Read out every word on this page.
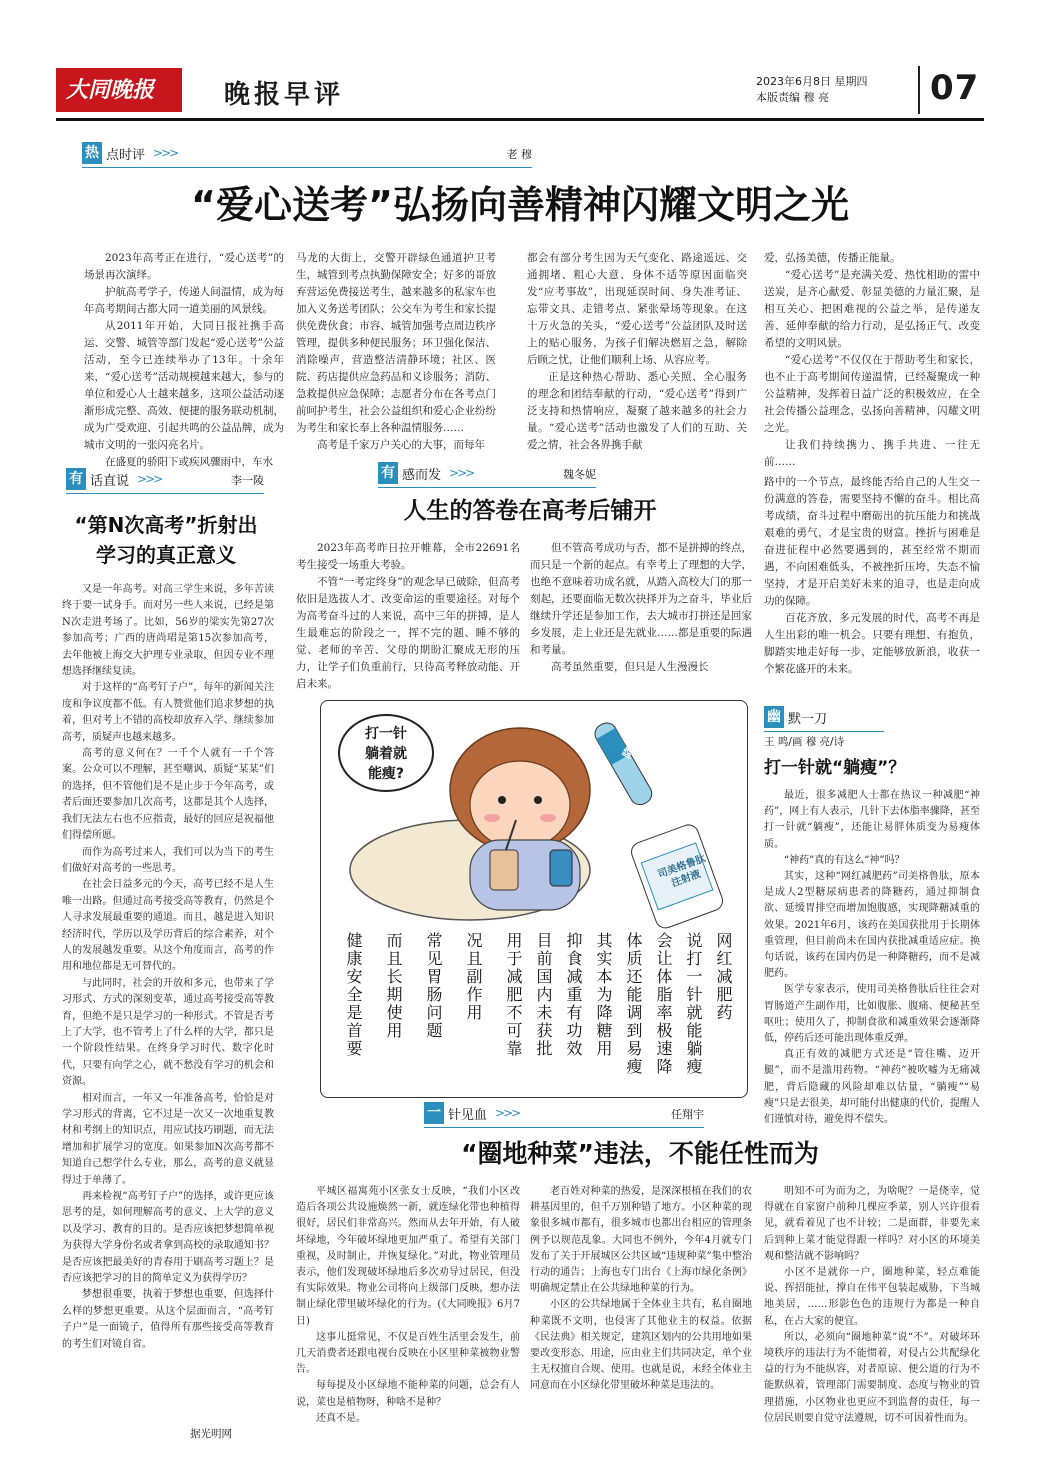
大同晚报	晚报早评	2023年6月8日 星期四
本版责编 穆 亮	07
热 点时评 >>>	老 穆
“爱心送考”弘扬向善精神闪耀文明之光

2023年高考正在进行，“爱心送考”的场景再次演绎。

护航高考学子，传递人间温情，成为每年高考期间古都大同一道美丽的风景线。

从2011年开始，大同日报社携手高运、交警、城管等部门发起“爱心送考”公益活动，至今已连续举办了13年。十余年来，“爱心送考”活动规模越来越大，参与的单位和爱心人士越来越多，这项公益活动逐渐形成完整、高效、便捷的服务联动机制，成为广受欢迎、引起共鸣的公益品牌，成为城市文明的一张闪亮名片。

在盛夏的骄阳下或疾风骤雨中，车水

马龙的大街上，交警开辟绿色通道护卫考生，城管到考点执勤保障安全；好多的哥放弃营运免费接送考生，越来越多的私家车也加入义务送考团队；公交车为考生和家长提供免费伙食；市容、城管加强考点周边秩序管理，提供多种便民服务；环卫强化保洁、消除噪声，营造整洁清静环境；社区、医院、药店提供应急药品和义诊服务；消防、急救提供应急保障；志愿者分布在各考点门前呵护考生，社会公益组织和爱心企业纷纷为考生和家长奉上各种温情服务……

高考是千家万户关心的大事，而每年

都会有部分考生因为天气变化、路途遥远、交通拥堵、粗心大意、身体不适等原因面临突发“应考事故”，出现延误时间、身失准考证、忘带文具、走错考点、紧张晕场等现象。在这十万火急的关头，“爱心送考”公益团队及时送上的贴心服务，为孩子们解决燃眉之急，解除后顾之忧，让他们顺利上场、从容应考。

正是这种热心帮助、悉心关照、全心服务的理念和团结奉献的行动，“爱心送考”得到广泛支持和热情响应，凝聚了越来越多的社会力量。“爱心送考”活动也激发了人们的互助、关爱之情，社会各界携手献

爱，弘扬美德，传播正能量。

“爱心送考”是充满关爱、热忱相助的雷中送炭，是齐心献爱、彰显美德的力量汇聚，是相互关心、把困难视的公益之举，是传递友善、延伸奉献的给力行动，是弘扬正气、改变希望的文明风景。

“爱心送考”不仅仅在于帮助考生和家长，也不止于高考期间传递温情，已经凝聚成一种公益精神，发挥着日益广泛的积极效应，在全社会传播公益理念，弘扬向善精神，闪耀文明之光。

让我们持续携力、携手共进、一往无前……

有 话直说 >>>	李一陵
“第N次高考”折射出
学习的真正意义

又是一年高考。对高三学生来说，多年苦读终于要一试身手。而对另一些人来说，已经是第N次走进考场了。比如，56岁的梁实先第27次参加高考；广西的唐尚珺是第15次参加高考，去年他被上海交大护理专业录取，但因专业不理想选择继续复读。

对于这样的“高考钉子户”，每年的新闻关注度和争议度都不低。有人赞赏他们追求梦想的执着，但对考上不错的高校却放弃入学、继续参加高考，质疑声也越来越多。

高考的意义何在？一千个人就有一千个答案。公众可以不理解，甚至嘲讽、质疑“某某”们的选择，但不管他们是不是止步于今年高考，或者后面还要参加几次高考，这都是其个人选择，我们无法左右也不应指责，最好的回应是祝福他们得偿所愿。

而作为高考过来人，我们可以为当下的考生们做好对高考的一些思考。

在社会日益多元的今天，高考已经不是人生唯一出路。但通过高考接受高等教育，仍然是个人寻求发展最重要的通道。而且，越是进入知识经济时代，学历以及学历背后的综合素养，对个人的发展越发重要。从这个角度而言，高考的作用和地位都是无可替代的。

与此同时，社会的开放和多元，也带来了学习形式、方式的深刻变革，通过高考接受高等教育，但绝不是只是学习的一种形式。不管是否考上了大学，也不管考上了什么样的大学，都只是一个阶段性结果。在终身学习时代、数字化时代，只要有向学之心，就不愁没有学习的机会和资源。

相对而言，一年又一年准备高考，恰恰是对学习形式的背离，它不过是一次又一次地重复教材和考纲上的知识点，用应试技巧刷题，而无法增加和扩展学习的宽度。如果参加N次高考都不知道自己想学什么专业，那么，高考的意义就显得过于单薄了。

再来检视“高考钉子户”的选择，或许更应该思考的是，如何理解高考的意义、上大学的意义以及学习、教育的目的。是否应该把梦想简单视为获得大学身份名或者拿到高校的录取通知书？是否应该把最美好的青春用于刷高考习题上？是否应该把学习的目的简单定义为获得学历？

梦想很重要，执着于梦想也重要，但选择什么样的梦想更重要。从这个层面而言，“高考钉子户”是一面镜子，值得所有那些接受高等教育的考生们对镜自省。

据光明网
有 感而发 >>>	魏冬妮
人生的答卷在高考后铺开

2023年高考昨日拉开帷幕，全市22691名考生接受一场重大考验。

不管“一考定终身”的观念早已破除，但高考依旧是选拔人才、改变命运的重要途径。对每个为高考奋斗过的人来说，高中三年的拼搏，是人生最难忘的阶段之一，挥不完的题、睡不够的觉、老师的辛苦、父母的期盼汇聚成无形的压力，让学子们负重前行，只待高考释放动能、开启未来。

但不管高考成功与否，都不是拼搏的终点，而只是一个新的起点。有幸考上了理想的大学，也绝不意味着功成名就，从踏入高校大门的那一刻起，还要面临无数次抉择并为之奋斗，毕业后继续升学还是参加工作，去大城市打拼还是回家乡发展，走上业还是先就业……都是重要的际遇和考量。

高考虽然重要，但只是人生漫漫长

路中的一个节点，最终能否给自己的人生交一份满意的答卷，需要坚持不懈的奋斗。相比高考成绩，奋斗过程中磨砺出的抗压能力和挑战艰难的勇气，才是宝贵的财富。挫折与困难是奋进征程中必然要遇到的，甚至经常不期而遇，不向困难低头，不被挫折压垮，失态不愉坚持，才是开启美好未来的追寻，也是走向成功的保障。

百花齐放，多元发展的时代，高考不再是人生出彩的唯一机会。只要有理想、有抱负，脚踏实地走好每一步，定能够放新浪，收获一个繁花盛开的未来。

打一针
躺着就
能瘦?
降糖
司美格鲁肽注射液
网红减肥药
说打一针就能躺瘦
会让体脂率极速降
体质还能调到易瘦
其实本为降糖用
抑食减重有功效
目前国内未获批
用于减肥不可靠
况且副作用
常见胃肠问题
而且长期使用
健康安全是首要
幽 默一刀
王 鸣/画 穆 亮/诗
打一针就“躺瘦”？

最近，很多减肥人士都在热议一种减肥“神药”，网上有人表示，几针下去体脂率骤降，甚至打一针就“躺瘦”，还能让易胖体质变为易瘦体质。

“神药”真的有这么“神”吗？

其实，这种“网红减肥药”司美格鲁肽，原本是成人2型糖尿病患者的降糖药，通过抑制食欲、延缓胃排空而增加饱腹感，实现降糖减重的效果。2021年6月，该药在美国获批用于长期体重管理，但目前尚未在国内获批减重适应症。换句话说，该药在国内仍是一种降糖药，而不是减肥药。

医学专家表示，使用司美格鲁肽后往往会对胃肠道产生副作用，比如腹胀、腹痛、便秘甚至呕吐；使用久了，抑制食欲和减重效果会逐渐降低，停药后还可能出现体重反弹。

真正有效的减肥方式还是“管住嘴、迈开腿”，而不是滥用药物。“神药”被吹嘘为无痛减肥，背后隐藏的风险却难以估量，“躺瘦”“易瘦”只是去很美，却可能付出健康的代价，提醒人们谨慎对待，避免得不偿失。

一 针见血 >>>	任翔宇
“圈地种菜”违法，不能任性而为

平城区福寓苑小区张女士反映，“我们小区改造后各项公共设施焕然一新，就连绿化带也种植得很好，居民们非常高兴。然而从去年开始，有人破坏绿地，今年破坏绿地更加严重了。希望有关部门重视，及时制止，并恢复绿化。”对此，物业管理员表示，他们发现破坏绿地后多次劝导过居民，但没有实际效果。物业公司将向上级部门反映，想办法制止绿化带里破坏绿化的行为。(《大同晚报》6月7日)

这事儿挺常见，不仅是百姓生活里会发生，前几天消费者还跟电视台反映在小区里种菜被物业警告。

每每提及小区绿地不能种菜的问题，总会有人说，菜也是植物呀，种啥不是种？

还真不是。

老百姓对种菜的热爱，是深深根植在我们的农耕基因里的，但千万别种错了地方。小区种菜的现象很多城市都有，很多城市也都出台相应的管理条例予以规范乱象。大同也不例外，今年4月就专门发布了关于开展城区公共区域“违规种菜”集中整治行动的通告；上海也专门出台《上海市绿化条例》明确规定禁止在公共绿地种菜的行为。

小区的公共绿地属于全体业主共有，私自圈地种菜既不文明，也侵害了其他业主的权益。依据《民法典》相关规定，建筑区划内的公共用地如果要改变形态、用途，应由业主们共同决定，单个业主无权擅自合规、使用。也就是说，未经全体业主同意而在小区绿化带里破坏种菜是违法的。

明知不可为而为之，为啥呢？一是侥幸，觉得就在自家窗户前种几棵应季菜，别人兴许很看见，就看着见了也不计较；二是面群，非要先来后到种上菜才能觉得跟一样吗？对小区的环境美观和整洁就不影响吗？

小区不是就你一户，圈地种菜，轻点难能说、挥招能扯，撑自在伟平包装起威胁，下当城地美居，……形影色色的违规行为都是一种自私，在占大家的便宜。

所以，必须向“圈地种菜”说“不”。对破坏环境秩序的违法行为不能惯着，对侵占公共配绿化益的行为不能纵容，对者原谅、便公道的行为不能默纵着，管理部门需要制度、态度与物业的管理措施，小区物业也更应不到监督的责任，每一位居民则要自觉守法遵规，切不可因着性而为。
